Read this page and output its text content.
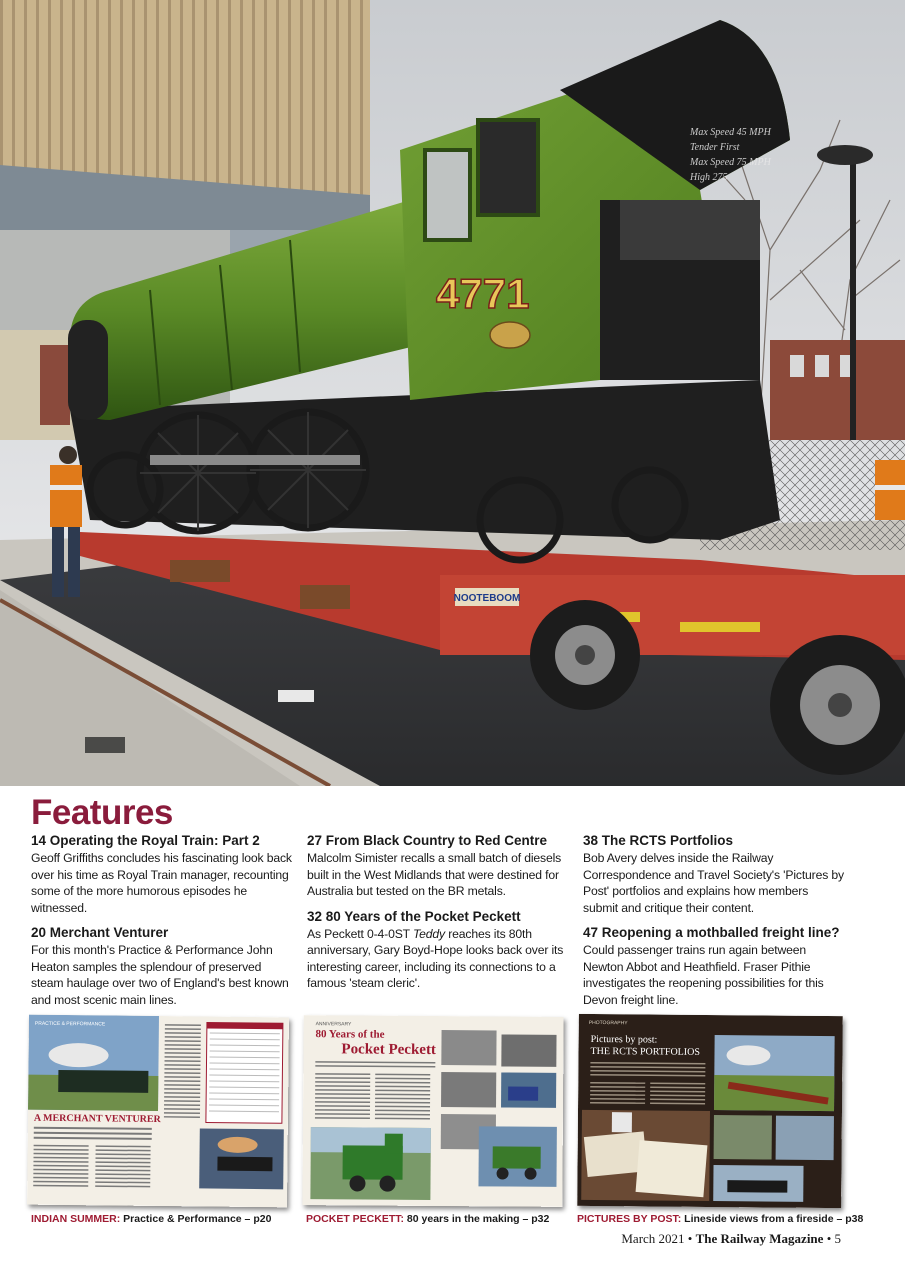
NOOTEBOOM
Max Speed 45 MPH
Tender First
Max Speed 75 MPH
High 275
4771
Features
14 Operating the Royal Train: Part 2

Geoff Griffiths concludes his fascinating look back over his time as Royal Train manager, recounting some of the more humorous episodes he witnessed.

20 Merchant Venturer

For this month's Practice & Performance John Heaton samples the splendour of preserved steam haulage over two of England's best known and most scenic main lines.

27 From Black Country to Red Centre

Malcolm Simister recalls a small batch of diesels built in the West Midlands that were destined for Australia but tested on the BR metals.

32 80 Years of the Pocket Peckett

As Peckett 0-4-0ST Teddy reaches its 80th anniversary, Gary Boyd-Hope looks back over its interesting career, including its connections to a famous 'steam cleric'.

38 The RCTS Portfolios

Bob Avery delves inside the Railway Correspondence and Travel Society's 'Pictures by Post' portfolios and explains how members submit and critique their content.

47 Reopening a mothballed freight line?

Could passenger trains run again between Newton Abbot and Heathfield. Fraser Pithie investigates the reopening possibilities for this Devon freight line.

PRACTICE & PERFORMANCE
A MERCHANT VENTURER
ANNIVERSARY
80 Years of the
Pocket Peckett
PHOTOGRAPHY
Pictures by post:
THE RCTS PORTFOLIOS
INDIAN SUMMER: Practice & Performance – p20	POCKET PECKETT: 80 years in the making – p32	PICTURES BY POST: Lineside views from a fireside – p38
March 2021 • The Railway Magazine • 5
